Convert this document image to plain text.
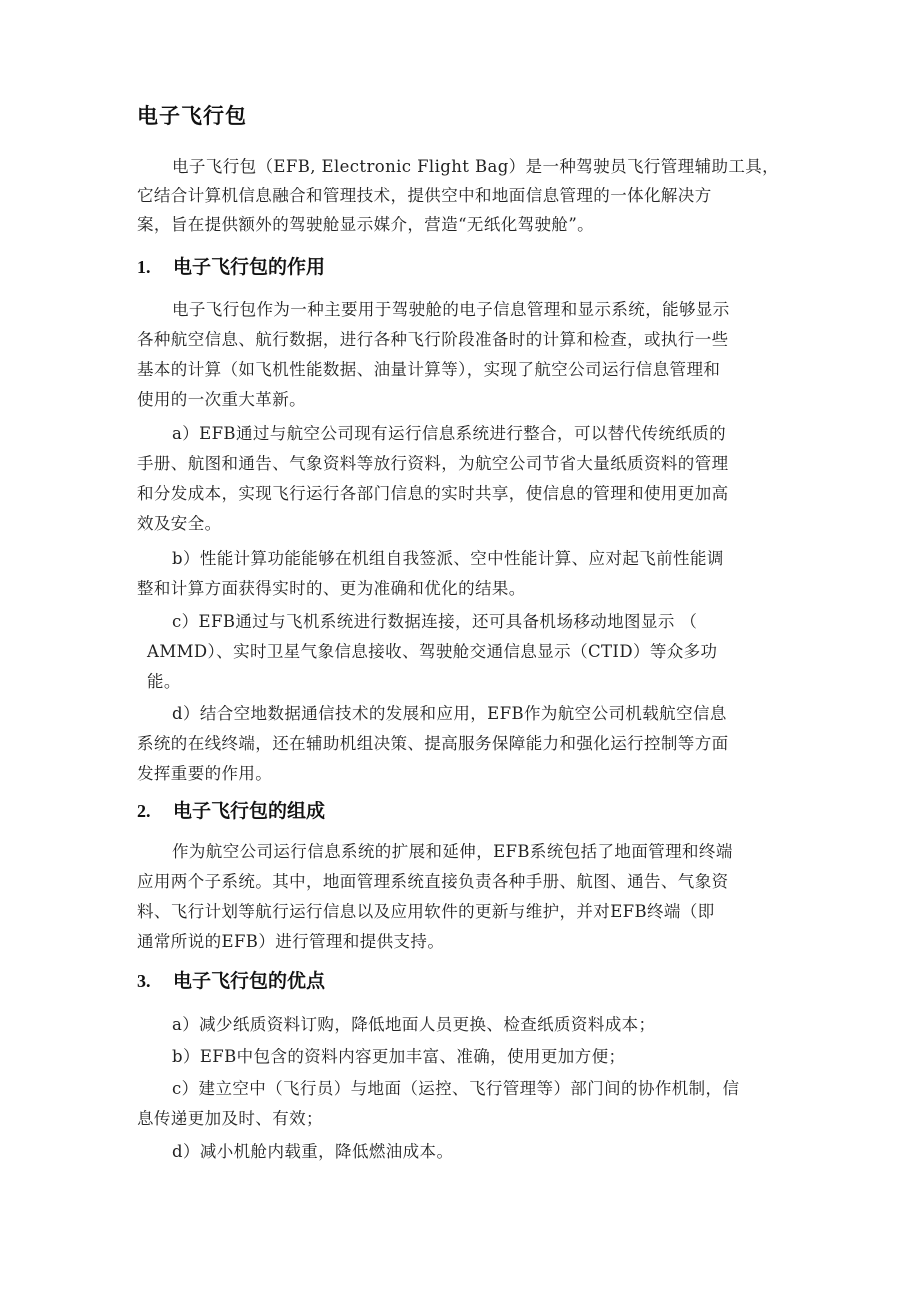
电子飞行包
电子飞行包（EFB, Electronic Flight Bag）是一种驾驶员飞行管理辅助工具，
它结合计算机信息融合和管理技术，提供空中和地面信息管理的一体化解决方
案，旨在提供额外的驾驶舱显示媒介，营造“无纸化驾驶舱”。
1.	电子飞行包的作用
电子飞行包作为一种主要用于驾驶舱的电子信息管理和显示系统，能够显示
各种航空信息、航行数据，进行各种飞行阶段准备时的计算和检查，或执行一些
基本的计算（如飞机性能数据、油量计算等），实现了航空公司运行信息管理和
使用的一次重大革新。
a）EFB通过与航空公司现有运行信息系统进行整合，可以替代传统纸质的
手册、航图和通告、气象资料等放行资料，为航空公司节省大量纸质资料的管理
和分发成本，实现飞行运行各部门信息的实时共享，使信息的管理和使用更加高
效及安全。
b）性能计算功能能够在机组自我签派、空中性能计算、应对起飞前性能调
整和计算方面获得实时的、更为准确和优化的结果。
c）EFB通过与飞机系统进行数据连接，还可具备机场移动地图显示 （
AMMD）、实时卫星气象信息接收、驾驶舱交通信息显示（CTID）等众多功
能。
d）结合空地数据通信技术的发展和应用，EFB作为航空公司机载航空信息
系统的在线终端，还在辅助机组决策、提高服务保障能力和强化运行控制等方面
发挥重要的作用。
2.	电子飞行包的组成
作为航空公司运行信息系统的扩展和延伸，EFB系统包括了地面管理和终端
应用两个子系统。其中，地面管理系统直接负责各种手册、航图、通告、气象资
料、飞行计划等航行运行信息以及应用软件的更新与维护，并对EFB终端（即
通常所说的EFB）进行管理和提供支持。
3.	电子飞行包的优点
a）减少纸质资料订购，降低地面人员更换、检查纸质资料成本；
b）EFB中包含的资料内容更加丰富、准确，使用更加方便；
c）建立空中（飞行员）与地面（运控、飞行管理等）部门间的协作机制，信
息传递更加及时、有效；
d）减小机舱内载重，降低燃油成本。
